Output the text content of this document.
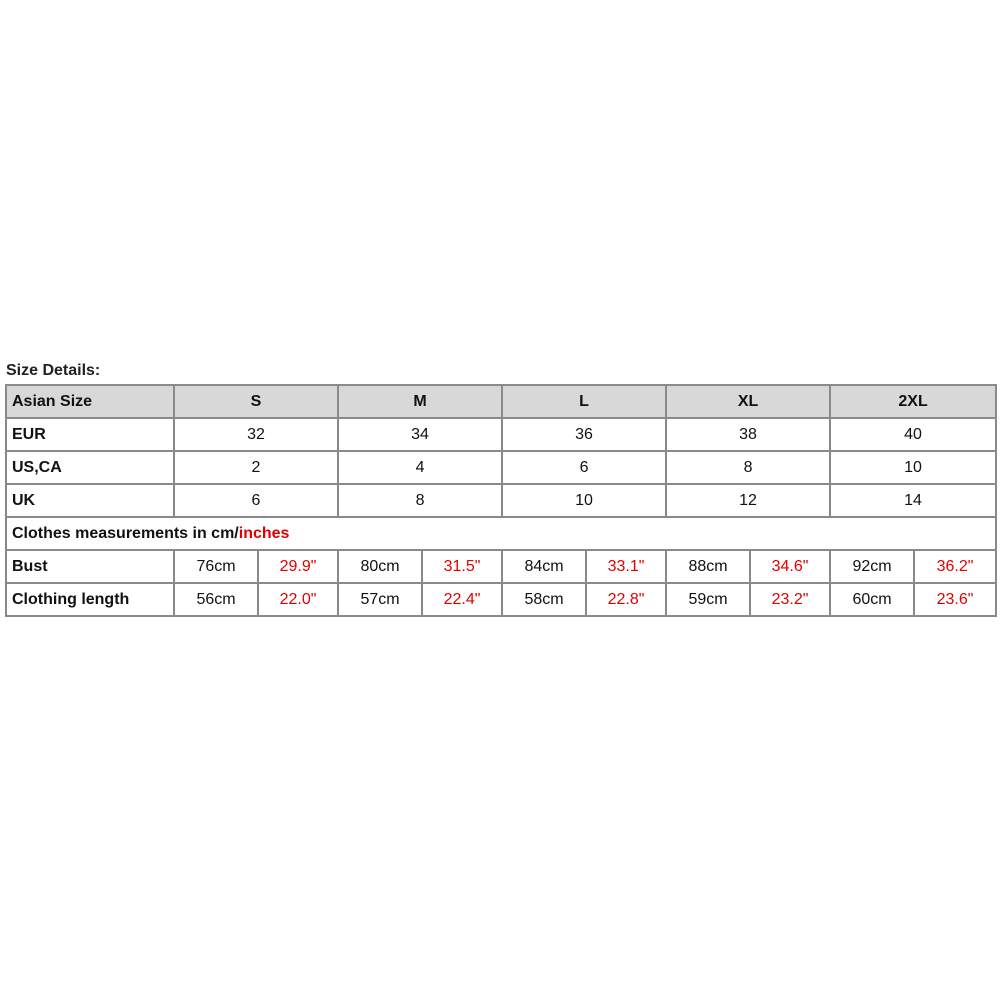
Size Details:
Asian Size	S		M		L		XL		2XL	
EUR	32		34		36		38		40	
US,CA	2		4		6		8		10	
UK	6		8		10		12		14	
Clothes measurements in cm/inches										
Bust	76cm	29.9"	80cm	31.5"	84cm	33.1"	88cm	34.6"	92cm	36.2"
Clothing length	56cm	22.0"	57cm	22.4"	58cm	22.8"	59cm	23.2"	60cm	23.6"
